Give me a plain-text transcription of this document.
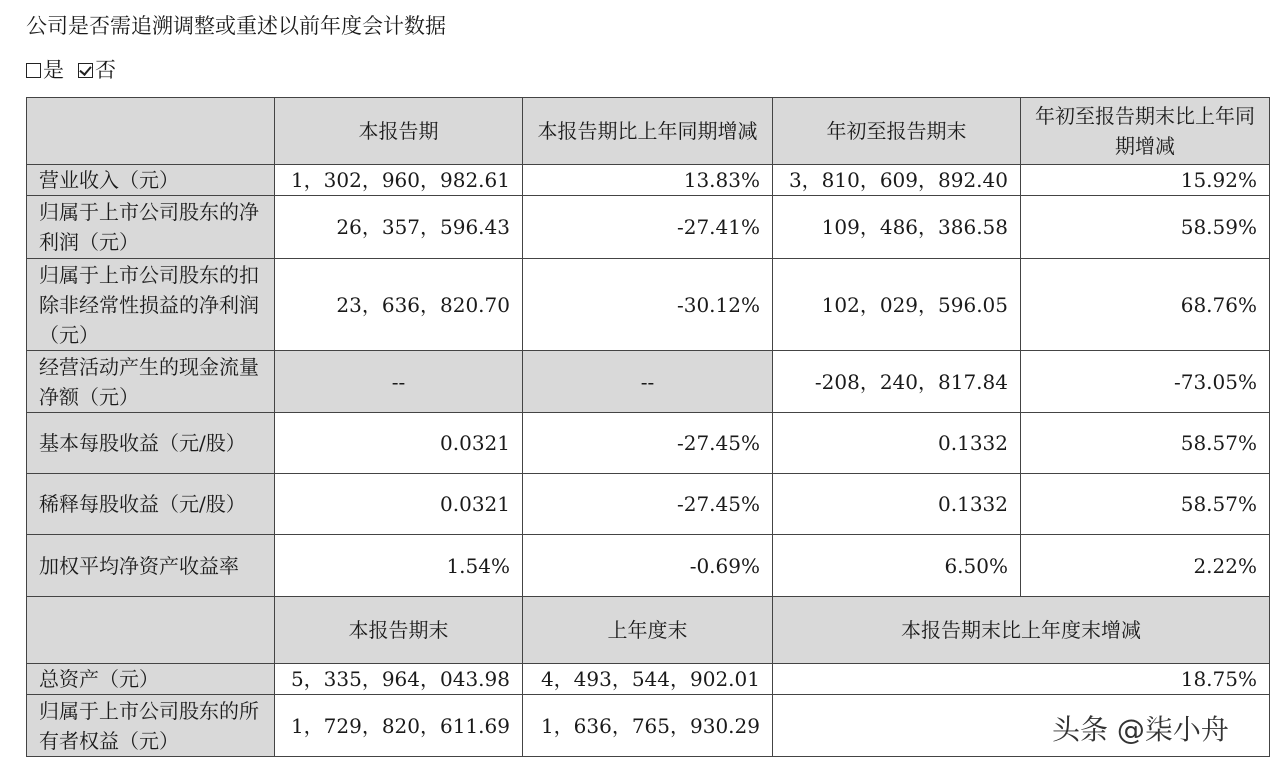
公司是否需追溯调整或重述以前年度会计数据
是 否
	本报告期	本报告期比上年同期增减	年初至报告期末	年初至报告期末比上年同期增减
营业收入（元）	1，302，960，982.61	13.83%	3，810，609，892.40	15.92%
归属于上市公司股东的净利润（元）	26，357，596.43	-27.41%	109，486，386.58	58.59%
归属于上市公司股东的扣除非经常性损益的净利润（元）	23，636，820.70	-30.12%	102，029，596.05	68.76%
经营活动产生的现金流量净额（元）	--	--	-208，240，817.84	-73.05%
基本每股收益（元/股）	0.0321	-27.45%	0.1332	58.57%
稀释每股收益（元/股）	0.0321	-27.45%	0.1332	58.57%
加权平均净资产收益率	1.54%	-0.69%	6.50%	2.22%
	本报告期末	上年度末	本报告期末比上年度末增减	
总资产（元）	5，335，964，043.98	4，493，544，902.01	18.75%	
归属于上市公司股东的所有者权益（元）	1，729，820，611.69	1，636，765，930.29			头条 @柒小舟
